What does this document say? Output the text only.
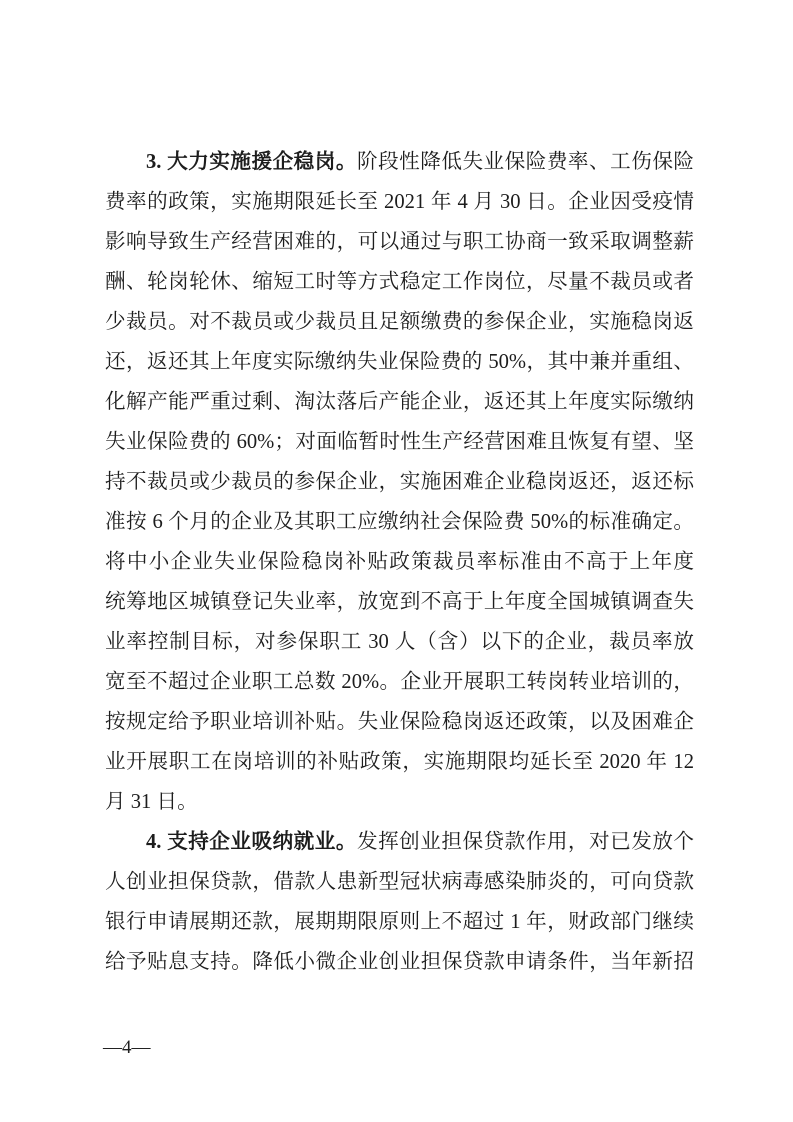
3. 大力实施援企稳岗。阶段性降低失业保险费率、工伤保险
费率的政策，实施期限延长至 2021 年 4 月 30 日。企业因受疫情
影响导致生产经营困难的，可以通过与职工协商一致采取调整薪
酬、轮岗轮休、缩短工时等方式稳定工作岗位，尽量不裁员或者
少裁员。对不裁员或少裁员且足额缴费的参保企业，实施稳岗返
还，返还其上年度实际缴纳失业保险费的 50%，其中兼并重组、
化解产能严重过剩、淘汰落后产能企业，返还其上年度实际缴纳
失业保险费的 60%；对面临暂时性生产经营困难且恢复有望、坚
持不裁员或少裁员的参保企业，实施困难企业稳岗返还，返还标
准按 6 个月的企业及其职工应缴纳社会保险费 50%的标准确定。
将中小企业失业保险稳岗补贴政策裁员率标准由不高于上年度
统筹地区城镇登记失业率，放宽到不高于上年度全国城镇调查失
业率控制目标，对参保职工 30 人（含）以下的企业，裁员率放
宽至不超过企业职工总数 20%。企业开展职工转岗转业培训的，
按规定给予职业培训补贴。失业保险稳岗返还政策，以及困难企
业开展职工在岗培训的补贴政策，实施期限均延长至 2020 年 12
月 31 日。
4. 支持企业吸纳就业。发挥创业担保贷款作用，对已发放个
人创业担保贷款，借款人患新型冠状病毒感染肺炎的，可向贷款
银行申请展期还款，展期期限原则上不超过 1 年，财政部门继续
给予贴息支持。降低小微企业创业担保贷款申请条件，当年新招
—4—
